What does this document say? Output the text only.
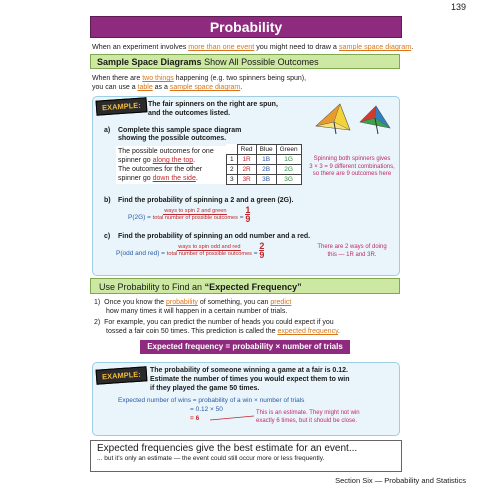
139
Probability
When an experiment involves more than one event you might need to draw a sample space diagram.
Sample Space Diagrams Show All Possible Outcomes
When there are two things happening (e.g. two spinners being spun),
you can use a table as a sample space diagram.
EXAMPLE: The fair spinners on the right are spun,
and the outcomes listed.
a) Complete this sample space diagram
showing the possible outcomes.
The possible outcomes for one
spinner go along the top.
The outcomes for the other
spinner go down the side.
	Red	Blue	Green
1	1R	1B	1G
2	2R	2B	2G
3	3R	3B	3G
Spinning both spinners gives
3 × 3 = 9 different combinations,
so there are 9 outcomes here
b) Find the probability of spinning a 2 and a green (2G).
$P(2G) = \frac{\text{ways to spin 2 and green}}{\text{total number of possible outcomes}} = \frac{1}{9}$
c) Find the probability of spinning an odd number and a red.
P(odd and $red) = \frac{\text{ways to spin odd and red}}{\text{total number of possible outcomes}} = \frac{2}{9}$	There are 2 ways of doing
this — 1R and 3R.
Use Probability to Find an “Expected Frequency”
1) Once you know the probability of something, you can predict
how many times it will happen in a certain number of trials.
2) For example, you can predict the number of heads you could expect if you
tossed a fair coin 50 times. This prediction is called the expected frequency.
Expected frequency = probability × number of trials
EXAMPLE:	The probability of someone winning a game at a fair is 0.12.
Estimate the number of times you would expect them to win
if they played the game 50 times.
Expected number of wins = probability of a win × number of trials
= 0.12 × 50
= 6
This is an estimate. They might not win
exactly 6 times, but it should be close.
Expected frequencies give the best estimate for an event...
... but it's only an estimate — the event could still occur more or less frequently.
Section Six — Probability and Statistics
